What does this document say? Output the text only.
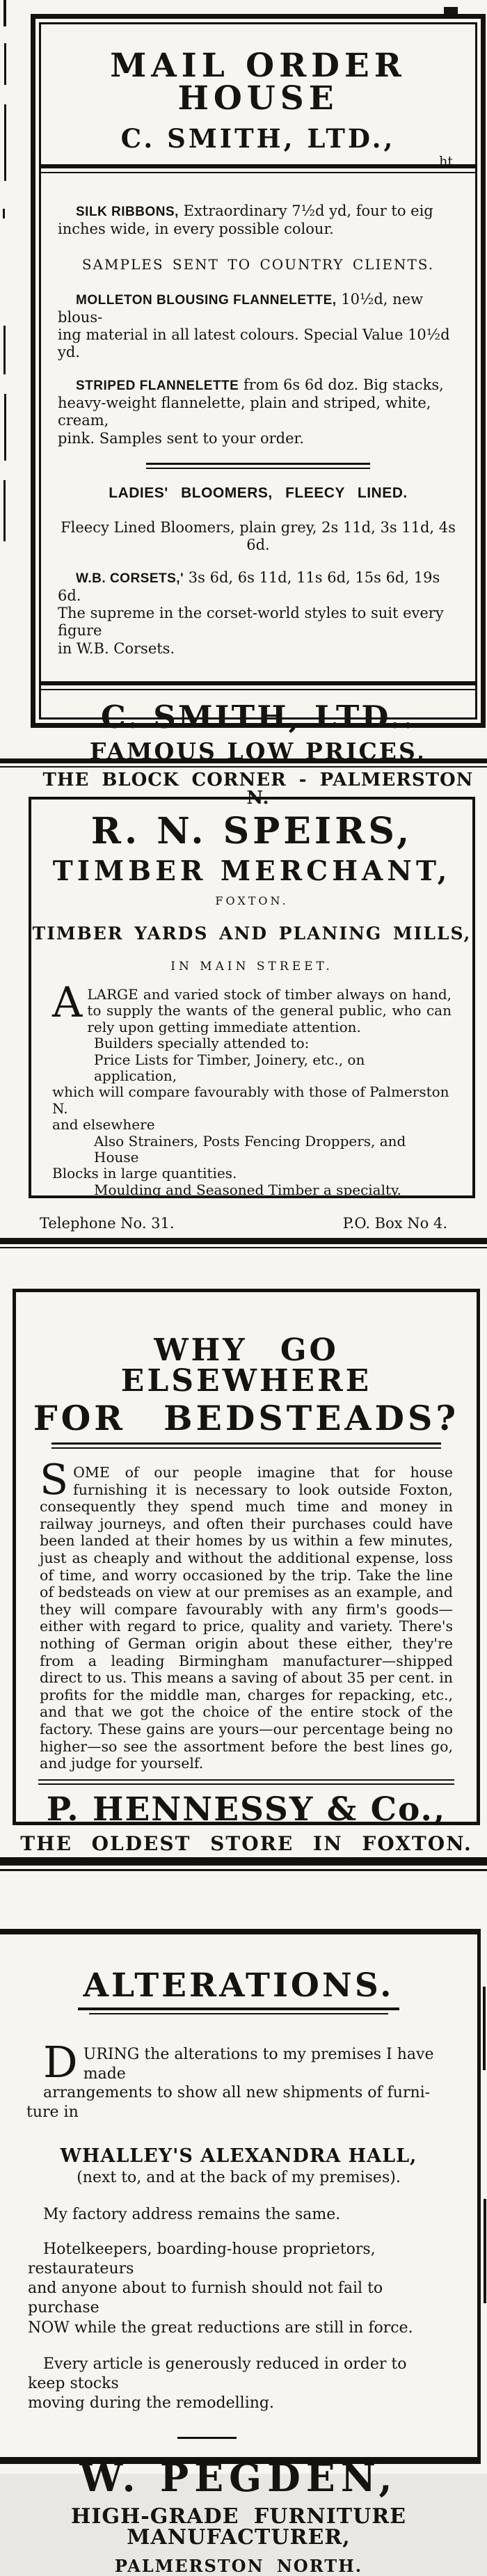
MAIL ORDER HOUSE
C. SMITH, LTD.,
ht
SILK RIBBONS, Extraordinary 7½d yd, four to eig
inches wide, in every possible colour.
SAMPLES SENT TO COUNTRY CLIENTS.
MOLLETON BLOUSING FLANNELETTE, 10½d, new blous-
ing material in all latest colours. Special Value 10½d yd.
STRIPED FLANNELETTE from 6s 6d doz. Big stacks,
heavy-weight flannelette, plain and striped, white, cream,
pink. Samples sent to your order.
LADIES' BLOOMERS, FLEECY LINED.
Fleecy Lined Bloomers, plain grey, 2s 11d, 3s 11d, 4s 6d.
W.B. CORSETS,' 3s 6d, 6s 11d, 11s 6d, 15s 6d, 19s 6d.
The supreme in the corset-world styles to suit every figure
in W.B. Corsets.
C. SMITH, LTD..
FAMOUS LOW PRICES,
THE BLOCK CORNER - PALMERSTON N.
R. N. SPEIRS,
TIMBER MERCHANT,
FOXTON.
TIMBER YARDS AND PLANING MILLS,
IN MAIN STREET.
ALARGE and varied stock of timber always on hand, to supply the wants of the general public, who can rely upon getting immediate attention.
Builders specially attended to:
Price Lists for Timber, Joinery, etc., on application,
which will compare favourably with those of Palmerston N.
and elsewhere
Also Strainers, Posts Fencing Droppers, and House
Blocks in large quantities.
Moulding and Seasoned Timber a specialty.
Telephone No. 31.	P.O. Box No 4.
WHY GO ELSEWHERE
FOR BEDSTEADS?
SOME of our people imagine that for house furnishing it is necessary to look outside Foxton, consequently they spend much time and money in railway journeys, and often their purchases could have been landed at their homes by us within a few minutes, just as cheaply and without the additional expense, loss of time, and worry occasioned by the trip. Take the line of bedsteads on view at our premises as an example, and they will compare favourably with any firm's goods—either with regard to price, quality and variety. There's nothing of German origin about these either, they're from a leading Birmingham manufacturer—shipped direct to us. This means a saving of about 35 per cent. in profits for the middle man, charges for repacking, etc., and that we got the choice of the entire stock of the factory. These gains are yours—our percentage being no higher—so see the assortment before the best lines go, and judge for yourself.
P. HENNESSY & Co.,
THE OLDEST STORE IN FOXTON.
ALTERATIONS.
D URING the alterations to my premises I have made
arrangements to show all new shipments of furni-
ture in
WHALLEY'S ALEXANDRA HALL,
(next to, and at the back of my premises).
My factory address remains the same.
Hotelkeepers, boarding-house proprietors, restaurateurs
and anyone about to furnish should not fail to purchase
NOW while the great reductions are still in force.
Every article is generously reduced in order to keep stocks
moving during the remodelling.
W. PEGDEN,
HIGH-GRADE FURNITURE MANUFACTURER,
PALMERSTON NORTH.
